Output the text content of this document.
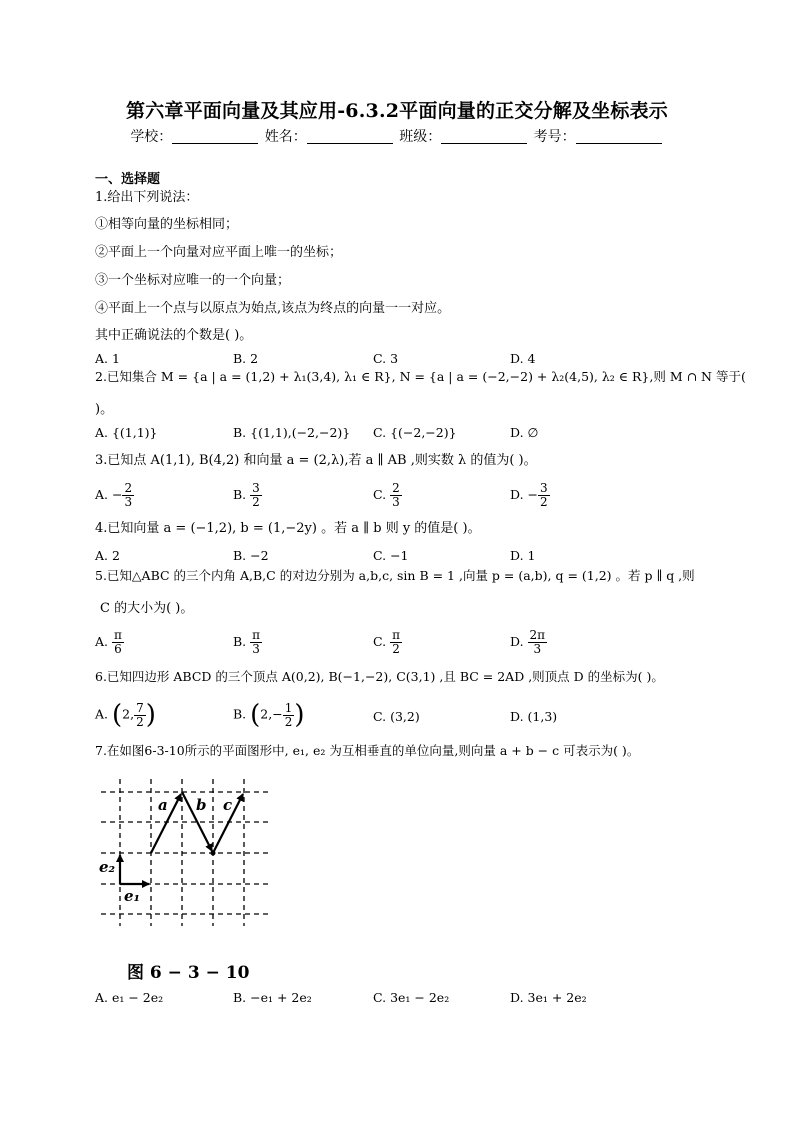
第六章平面向量及其应用-6.3.2平面向量的正交分解及坐标表示
学校：	姓名：	班级：	考号：
一、选择题
1.给出下列说法：
①相等向量的坐标相同；
②平面上一个向量对应平面上唯一的坐标；
③一个坐标对应唯一的一个向量；
④平面上一个点与以原点为始点,该点为终点的向量一一对应。
其中正确说法的个数是( )。
A. 1	B. 2	C. 3	D. 4
2.已知集合 M = {a | a = (1,2) + λ₁(3,4), λ₁ ∈ R}, N = {a | a = (−2,−2) + λ₂(4,5), λ₂ ∈ R},则 M ∩ N 等于(
)。
A. {(1,1)}	B. {(1,1),(−2,−2)} C. {(−2,−2)}	D. ∅
3.已知点 A(1,1), B(4,2) 和向量 a = (2,λ),若 a ∥ AB ,则实数 λ 的值为( )。
A. − $\frac{2}{3}$	B. $\frac{3}{2}$	C. $\frac{2}{3}$	D. − $\frac{3}{2}$
4.已知向量 a = (−1,2), b = (1,−2y) 。若 a ∥ b 则 y 的值是( )。
A. 2	B. −2	C. −1	D. 1
5.已知△ABC 的三个内角 A,B,C 的对边分别为 a,b,c, sin B = 1 ,向量 p = (a,b), q = (1,2) 。若 p ∥ q ,则
C 的大小为( )。
A. $\frac{\pi}{6}$	B. $\frac{\pi}{3}$	C. $\frac{\pi}{2}$	D. $\frac{2\pi}{3}$
6.已知四边形 ABCD 的三个顶点 A(0,2), B(−1,−2), C(3,1) ,且 BC = 2AD ,则顶点 D 的坐标为( )。
A. (2, $\frac{7}{2}$ )	B. ($2,- \frac{1}{2}$ )	C. (3,2)	D. (1,3)
7.在如图6-3-10所示的平面图形中, e₁, e₂ 为互相垂直的单位向量,则向量 a + b − c 可表示为( )。
a b c
e₂
e₁
图 6 − 3 − 10
A. e₁ − 2e₂	B. −e₁ + 2e₂	C. 3e₁ − 2e₂	D. 3e₁ + 2e₂
